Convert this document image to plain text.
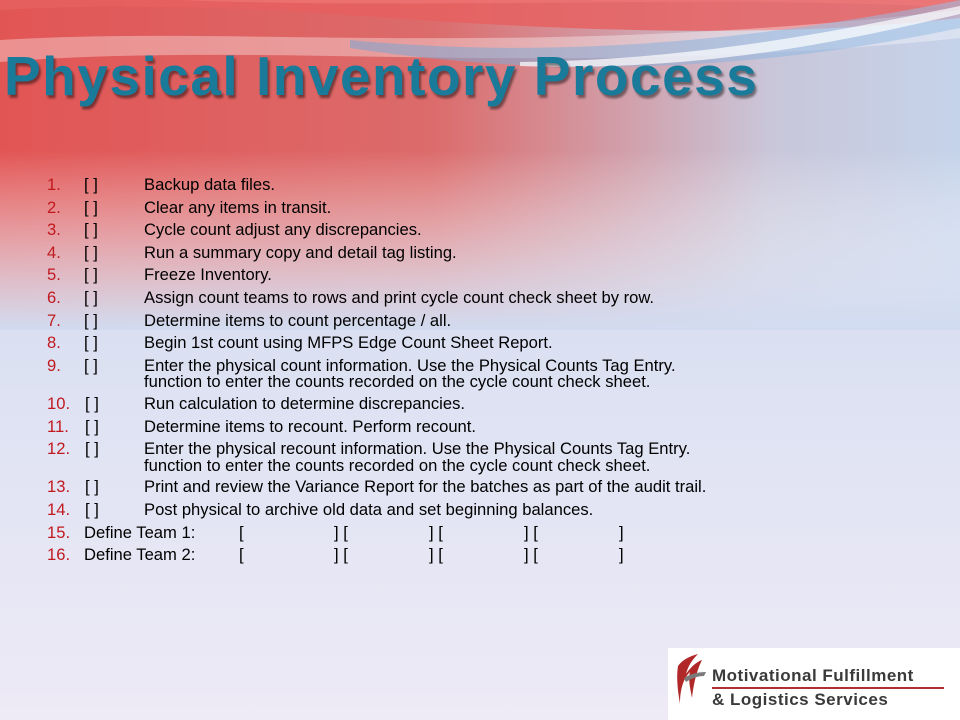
Physical Inventory Process
1. [ ]	Backup data files.
2. [ ]	Clear any items in transit.
3. [ ]	Cycle count adjust any discrepancies.
4. [ ]	Run a summary copy and detail tag listing.
5. [ ]	Freeze Inventory.
6. [ ]	Assign count teams to rows and print cycle count check sheet by row.
7. [ ]	Determine items to count percentage / all.
8. [ ]	Begin 1st count using MFPS Edge Count Sheet Report.
9. [ ]	Enter the physical count information. Use the Physical Counts Tag Entry.
function to enter the counts recorded on the cycle count check sheet.
10. [ ]	Run calculation to determine discrepancies.
11. [ ]	Determine items to recount. Perform recount.
12. [ ]	Enter the physical recount information. Use the Physical Counts Tag Entry.
function to enter the counts recorded on the cycle count check sheet.
13. [ ]	Print and review the Variance Report for the batches as part of the audit trail.
14. [ ]	Post physical to archive old data and set beginning balances.
15. Define Team 1:	[	] [	] [	] [	]
16. Define Team 2:	[	] [	] [	] [	]
Motivational Fulfillment
& Logistics Services
